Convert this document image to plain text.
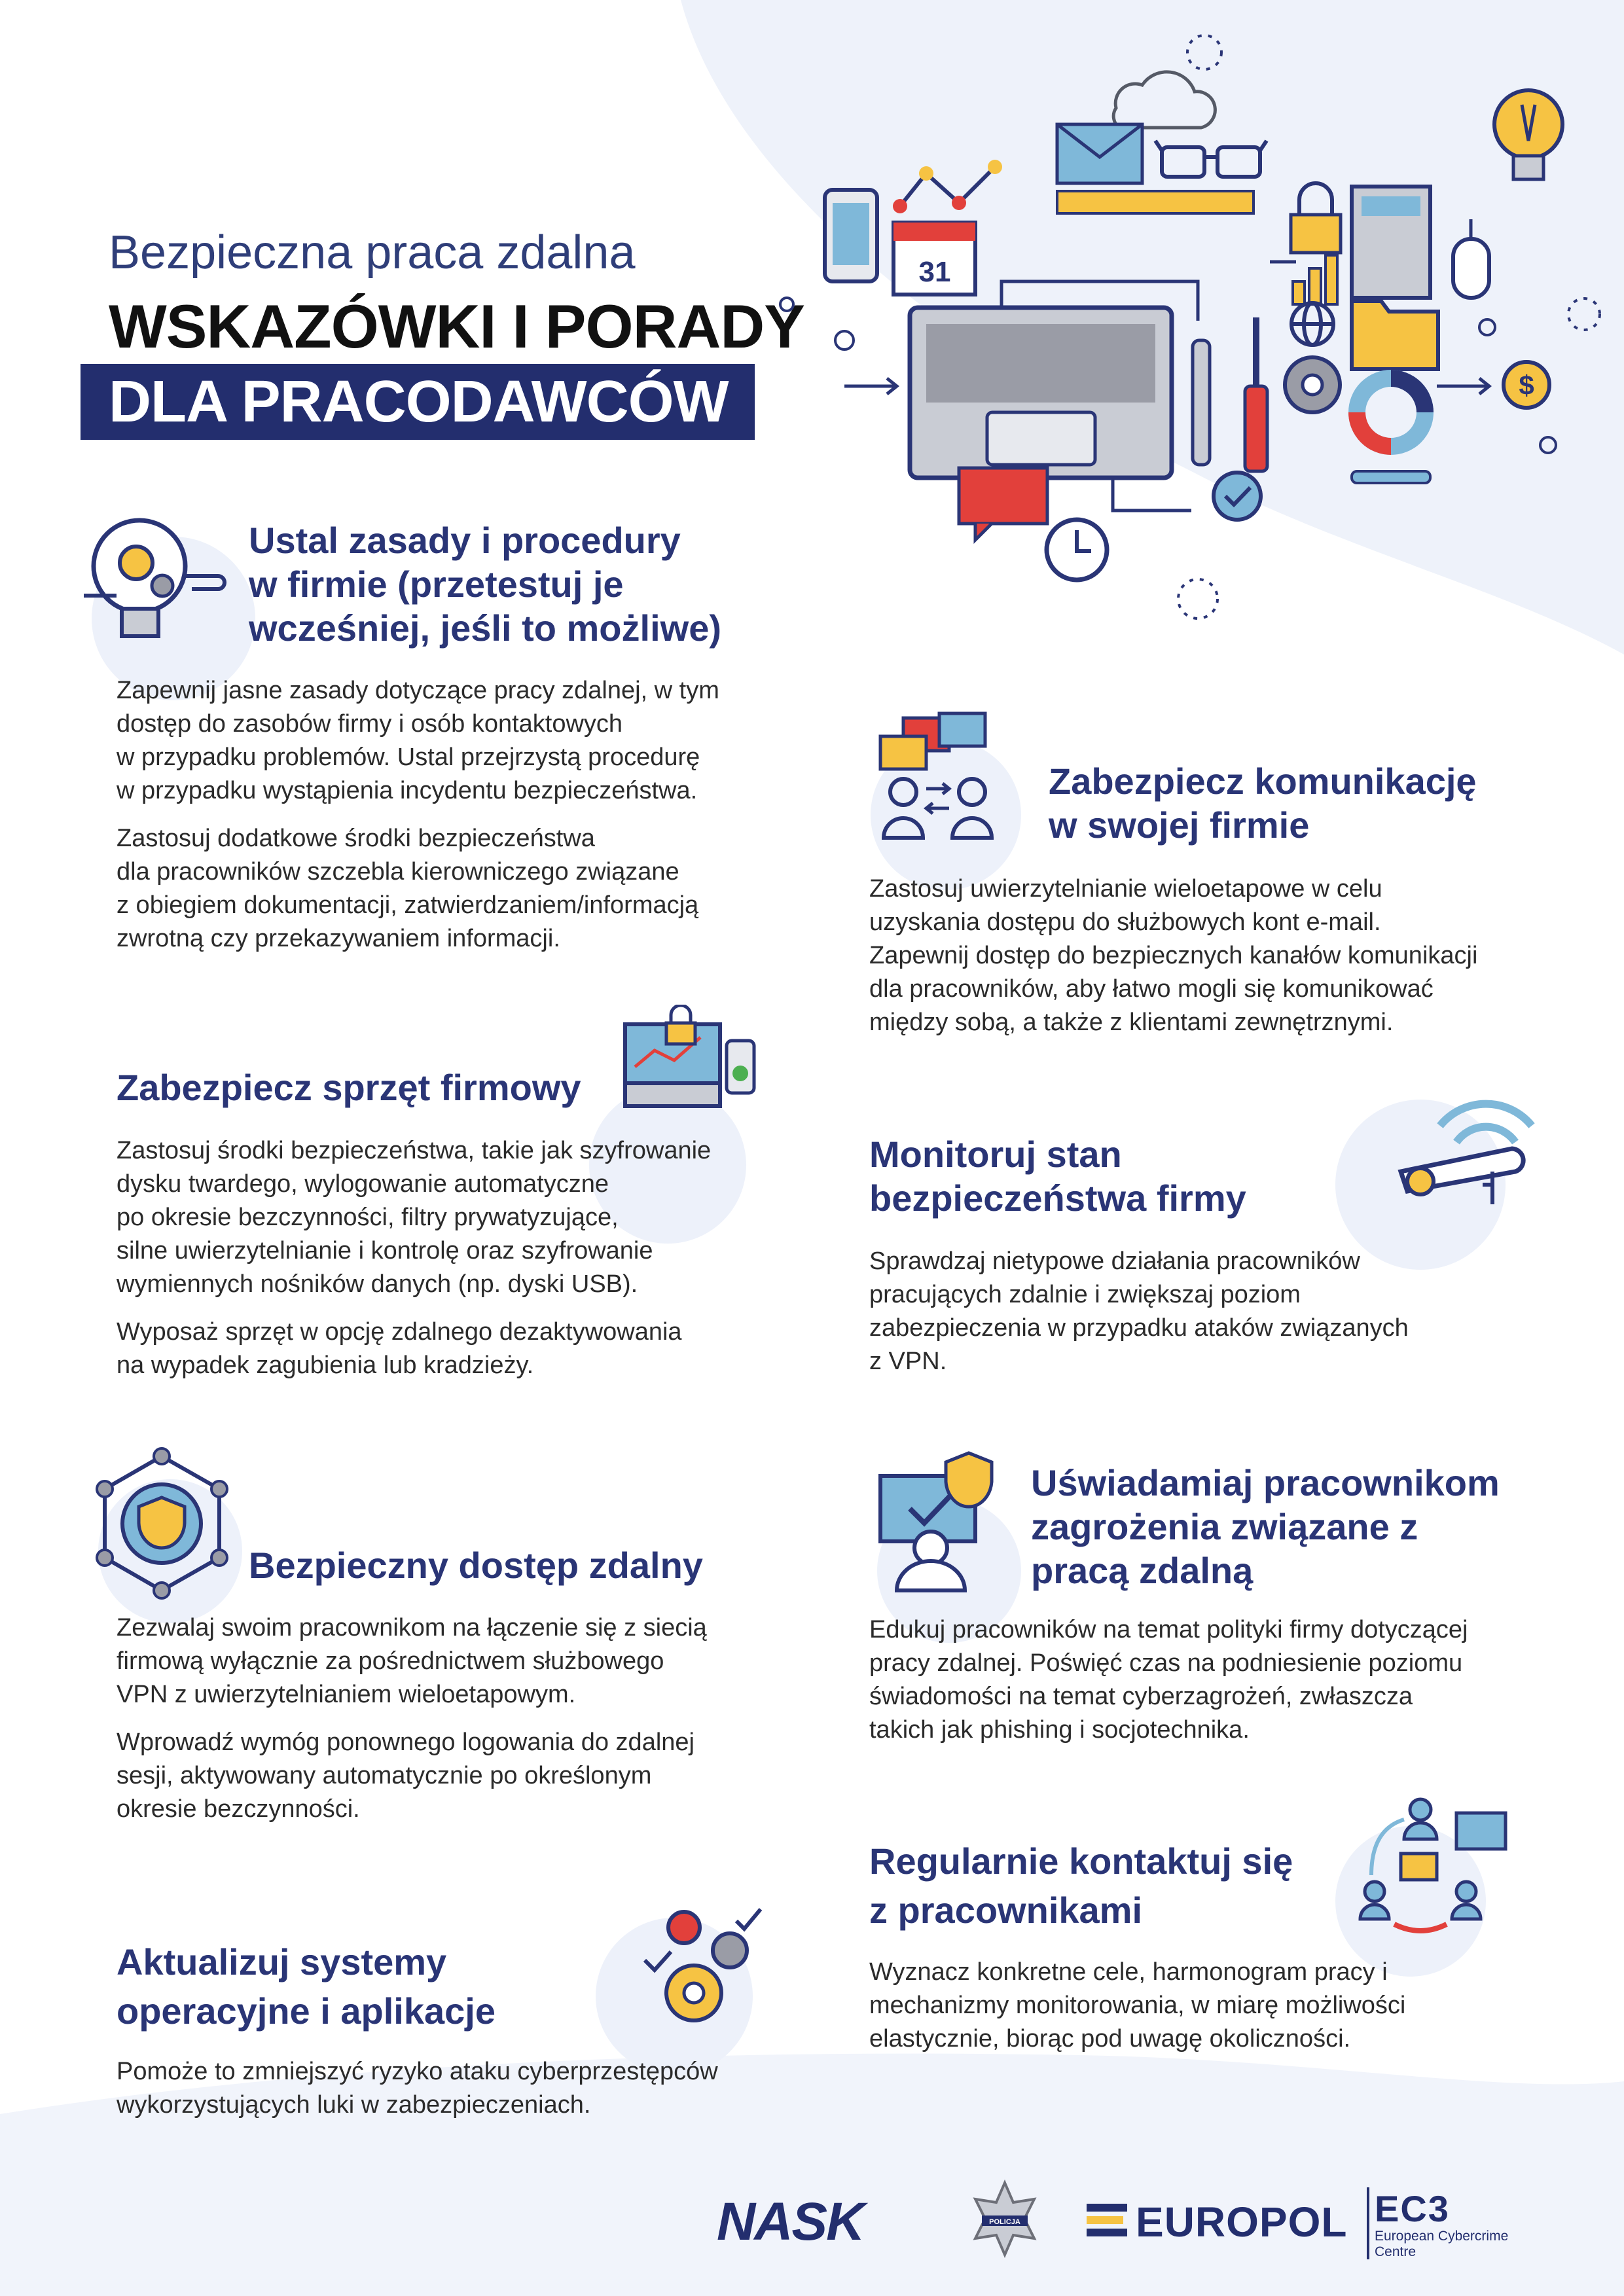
Bezpieczna praca zdalna
WSKAZÓWKI I PORADY
DLA PRACODAWCÓW
31
$
Ustal zasady i procedury
w firmie (przetestuj je
wcześniej, jeśli to możliwe)

Zapewnij jasne zasady dotyczące pracy zdalnej, w tym
dostęp do zasobów firmy i osób kontaktowych
w przypadku problemów. Ustal przejrzystą procedurę
w przypadku wystąpienia incydentu bezpieczeństwa.

Zastosuj dodatkowe środki bezpieczeństwa
dla pracowników szczebla kierowniczego związane
z obiegiem dokumentacji, zatwierdzaniem/informacją
zwrotną czy przekazywaniem informacji.

Zabezpiecz komunikację
w swojej firmie

Zastosuj uwierzytelnianie wieloetapowe w celu
uzyskania dostępu do służbowych kont e-mail.
Zapewnij dostęp do bezpiecznych kanałów komunikacji
dla pracowników, aby łatwo mogli się komunikować
między sobą, a także z klientami zewnętrznymi.

Zabezpiecz sprzęt firmowy

Zastosuj środki bezpieczeństwa, takie jak szyfrowanie
dysku twardego, wylogowanie automatyczne
po okresie bezczynności, filtry prywatyzujące,
silne uwierzytelnianie i kontrolę oraz szyfrowanie
wymiennych nośników danych (np. dyski USB).

Wyposaż sprzęt w opcję zdalnego dezaktywowania
na wypadek zagubienia lub kradzieży.

Monitoruj stan
bezpieczeństwa firmy

Sprawdzaj nietypowe działania pracowników
pracujących zdalnie i zwiększaj poziom
zabezpieczenia w przypadku ataków związanych
z VPN.

Bezpieczny dostęp zdalny

Zezwalaj swoim pracownikom na łączenie się z siecią
firmową wyłącznie za pośrednictwem służbowego
VPN z uwierzytelnianiem wieloetapowym.

Wprowadź wymóg ponownego logowania do zdalnej
sesji, aktywowany automatycznie po określonym
okresie bezczynności.

Uświadamiaj pracownikom
zagrożenia związane z
pracą zdalną

Edukuj pracowników na temat polityki firmy dotyczącej
pracy zdalnej. Poświęć czas na podniesienie poziomu
świadomości na temat cyberzagrożeń, zwłaszcza
takich jak phishing i socjotechnika.

Regularnie kontaktuj się
z pracownikami

Wyznacz konkretne cele, harmonogram pracy i
mechanizmy monitorowania, w miarę możliwości
elastycznie, biorąc pod uwagę okoliczności.

Aktualizuj systemy
operacyjne i aplikacje

Pomoże to zmniejszyć ryzyko ataku cyberprzestępców
wykorzystujących luki w zabezpieczeniach.

NASK	POLICJA	EUROPOL EC3
European Cybercrime
Centre
